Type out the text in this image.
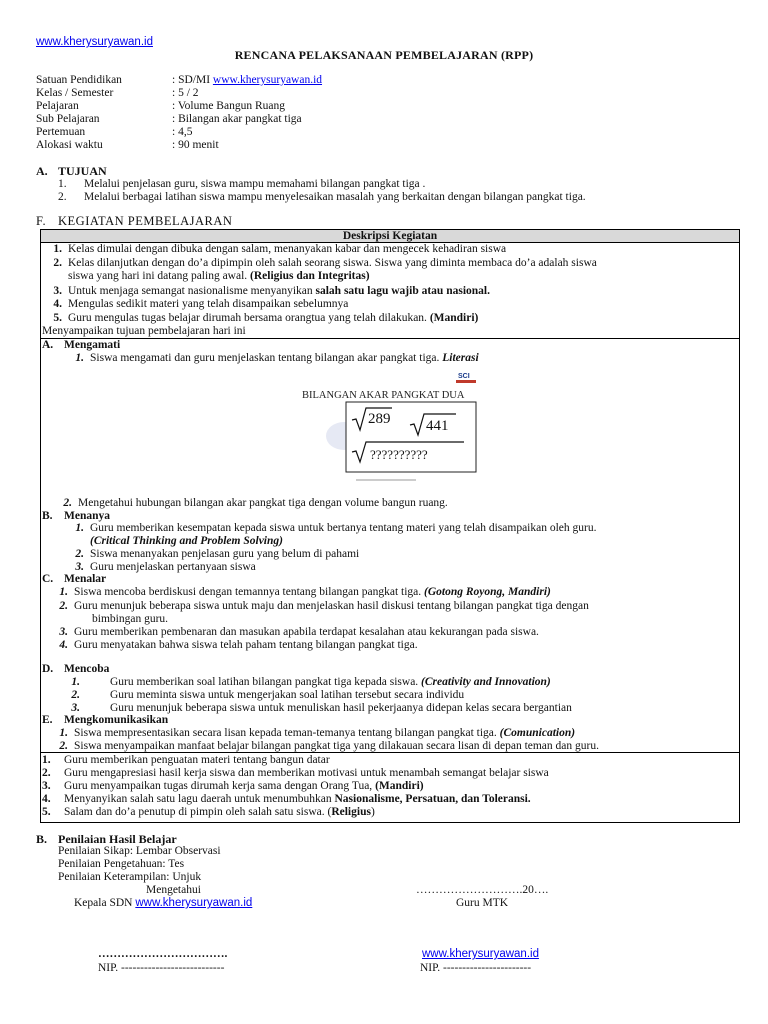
www.kherysuryawan.id
RENCANA PELAKSANAAN PEMBELAJARAN (RPP)
Satuan Pendidikan	: SD/MI www.kherysuryawan.id
Kelas / Semester	: 5 / 2
Pelajaran	: Volume Bangun Ruang
Sub Pelajaran	: Bilangan akar pangkat tiga
Pertemuan	: 4,5
Alokasi waktu	: 90 menit
A. TUJUAN
1. Melalui penjelasan guru, siswa mampu memahami bilangan pangkat tiga .
2. Melalui berbagai latihan siswa mampu menyelesaikan masalah yang berkaitan dengan bilangan pangkat tiga.
F. KEGIATAN PEMBELAJARAN
Deskripsi Kegiatan
1. Kelas dimulai dengan dibuka dengan salam, menanyakan kabar dan mengecek kehadiran siswa
2. Kelas dilanjutkan dengan do’a dipimpin oleh salah seorang siswa. Siswa yang diminta membaca do’a adalah siswa
siswa yang hari ini datang paling awal. (Religius dan Integritas)
3. Untuk menjaga semangat nasionalisme menyanyikan salah satu lagu wajib atau nasional.
4. Mengulas sedikit materi yang telah disampaikan sebelumnya
5. Guru mengulas tugas belajar dirumah bersama orangtua yang telah dilakukan. (Mandiri)
Menyampaikan tujuan pembelajaran hari ini
A. Mengamati
1. Siswa mengamati dan guru menjelaskan tentang bilangan akar pangkat tiga. Literasi
SCI
BILANGAN AKAR PANGKAT DUA
289 441
??????????
2. Mengetahui hubungan bilangan akar pangkat tiga dengan volume bangun ruang.
B. Menanya
1. Guru memberikan kesempatan kepada siswa untuk bertanya tentang materi yang telah disampaikan oleh guru.
(Critical Thinking and Problem Solving)
2. Siswa menanyakan penjelasan guru yang belum di pahami
3. Guru menjelaskan pertanyaan siswa
C. Menalar
1. Siswa mencoba berdiskusi dengan temannya tentang bilangan pangkat tiga. (Gotong Royong, Mandiri)
2. Guru menunjuk beberapa siswa untuk maju dan menjelaskan hasil diskusi tentang bilangan pangkat tiga dengan
bimbingan guru.
3. Guru memberikan pembenaran dan masukan apabila terdapat kesalahan atau kekurangan pada siswa.
4. Guru menyatakan bahwa siswa telah paham tentang bilangan pangkat tiga.
D. Mencoba
1.	Guru memberikan soal latihan bilangan pangkat tiga kepada siswa. (Creativity and Innovation)
2.	Guru meminta siswa untuk mengerjakan soal latihan tersebut secara individu
3.	Guru menunjuk beberapa siswa untuk menuliskan hasil pekerjaanya didepan kelas secara bergantian
E. Mengkomunikasikan
1. Siswa mempresentasikan secara lisan kepada teman-temanya tentang bilangan pangkat tiga. (Comunication)
2. Siswa menyampaikan manfaat belajar bilangan pangkat tiga yang dilakauan secara lisan di depan teman dan guru.
1. Guru memberikan penguatan materi tentang bangun datar
2. Guru mengapresiasi hasil kerja siswa dan memberikan motivasi untuk menambah semangat belajar siswa
3. Guru menyampaikan tugas dirumah kerja sama dengan Orang Tua, (Mandiri)
4. Menyanyikan salah satu lagu daerah untuk menumbuhkan Nasionalisme, Persatuan, dan Toleransi.
5. Salam dan do’a penutup di pimpin oleh salah satu siswa. (Religius)
B. Penilaian Hasil Belajar
Penilaian Sikap: Lembar Observasi
Penilaian Pengetahuan: Tes
Penilaian Keterampilan: Unjuk
Mengetahui	……………………….20….
Kepala SDN www.kherysuryawan.id	Guru MTK
…………………………….	www.kherysuryawan.id
NIP. ---------------------------	NIP. -----------------------
